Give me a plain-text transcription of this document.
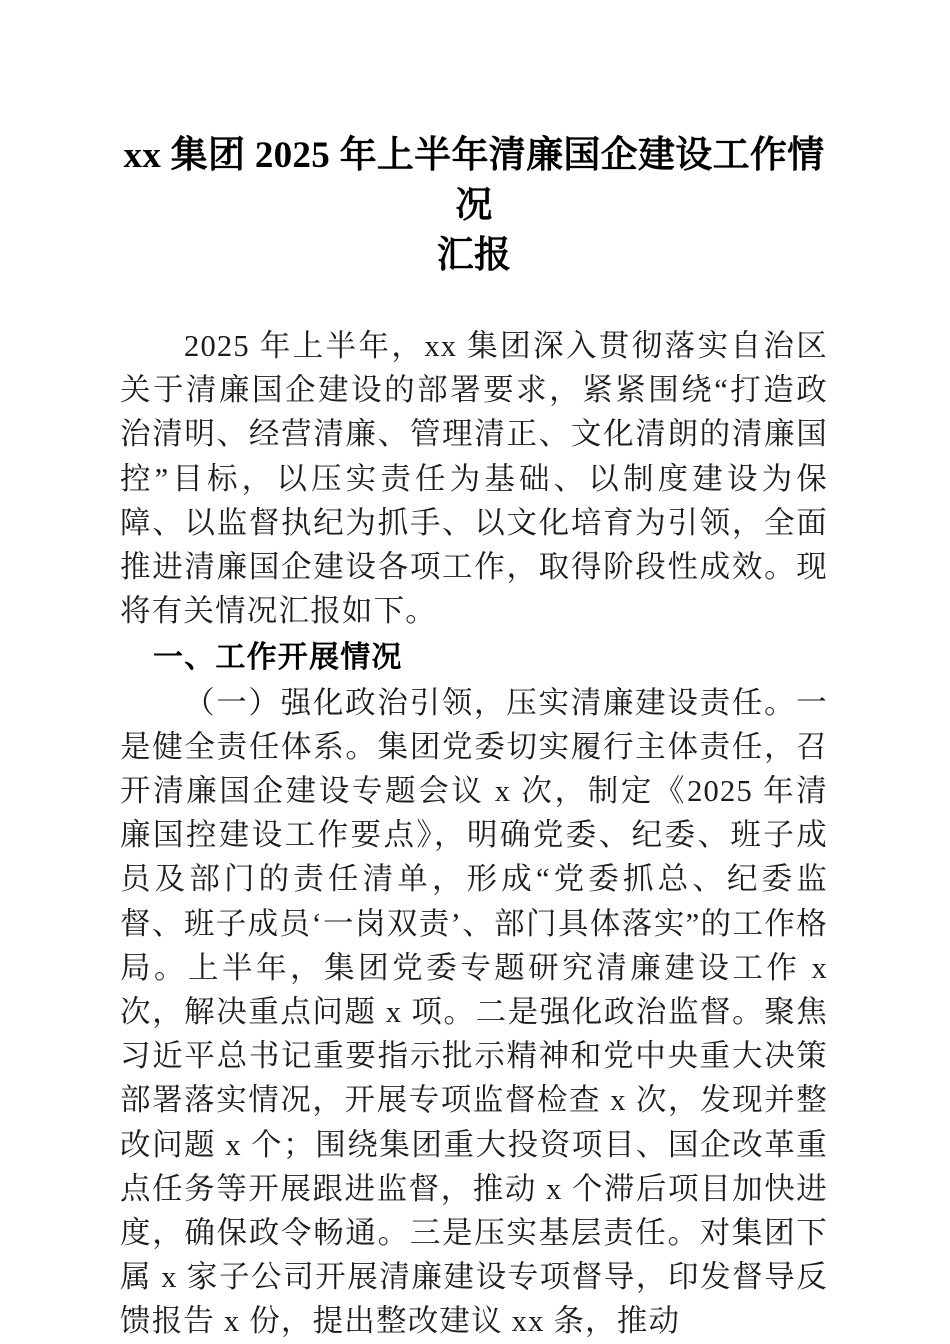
xx 集团 2025 年上半年清廉国企建设工作情况
汇报

2025 年上半年，xx 集团深入贯彻落实自治区关于清廉国企建设的部署要求，紧紧围绕“打造政治清明、经营清廉、管理清正、文化清朗的清廉国控”目标，以压实责任为基础、以制度建设为保障、以监督执纪为抓手、以文化培育为引领，全面推进清廉国企建设各项工作，取得阶段性成效。现将有关情况汇报如下。

一、工作开展情况

（一）强化政治引领，压实清廉建设责任。一是健全责任体系。集团党委切实履行主体责任，召开清廉国企建设专题会议 x 次，制定《2025 年清廉国控建设工作要点》，明确党委、纪委、班子成员及部门的责任清单，形成“党委抓总、纪委监督、班子成员‘一岗双责’、部门具体落实”的工作格局。上半年，集团党委专题研究清廉建设工作 x 次，解决重点问题 x 项。二是强化政治监督。聚焦习近平总书记重要指示批示精神和党中央重大决策部署落实情况，开展专项监督检查 x 次，发现并整改问题 x 个；围绕集团重大投资项目、国企改革重点任务等开展跟进监督，推动 x 个滞后项目加快进度，确保政令畅通。三是压实基层责任。对集团下属 x 家子公司开展清廉建设专项督导，印发督导反馈报告 x 份，提出整改建议 xx 条，推动
